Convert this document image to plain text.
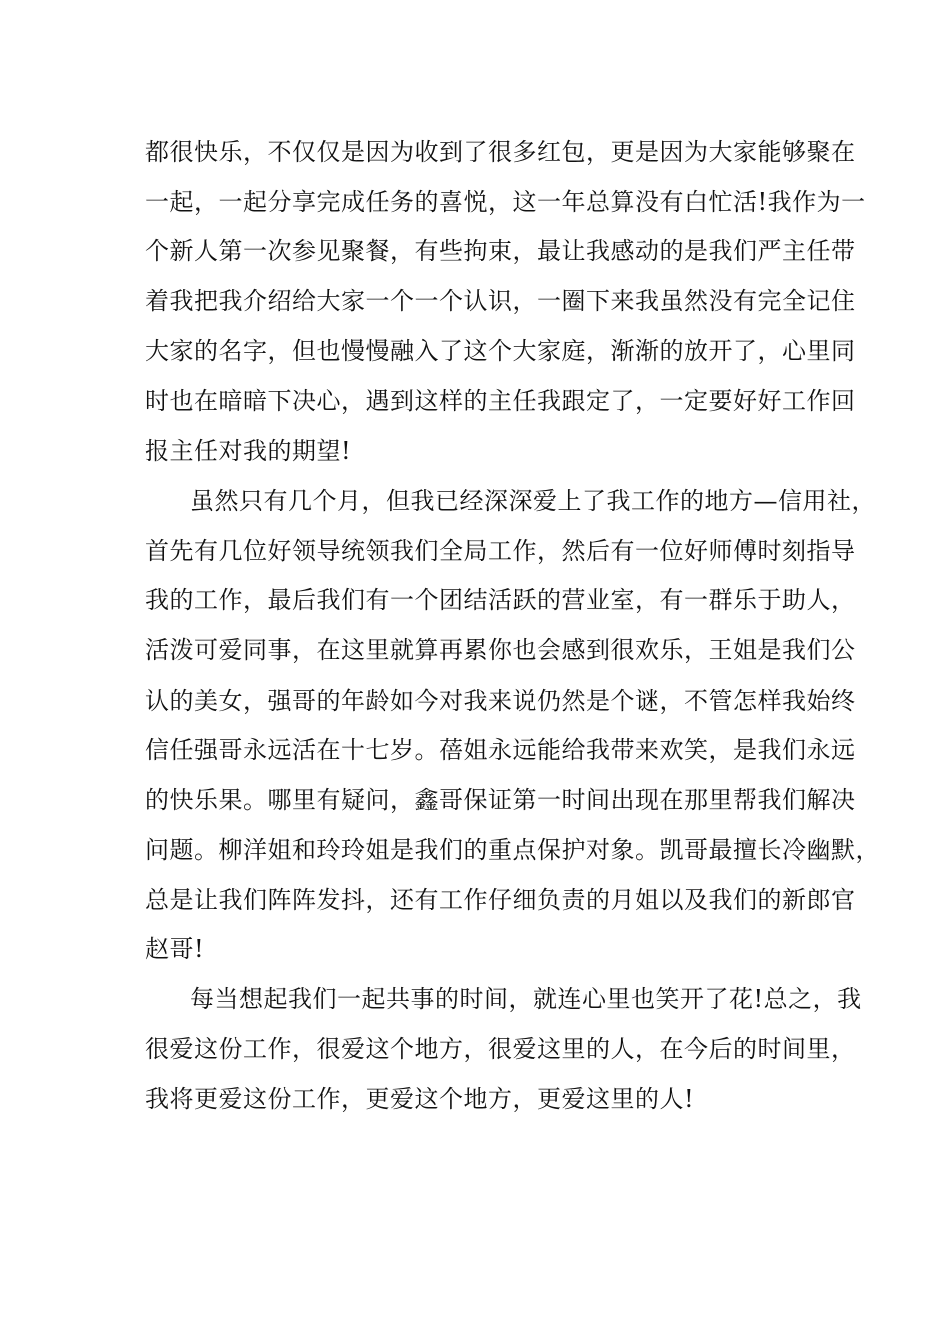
都很快乐，不仅仅是因为收到了很多红包，更是因为大家能够聚在
一起，一起分享完成任务的喜悦，这一年总算没有白忙活!我作为一
个新人第一次参见聚餐，有些拘束，最让我感动的是我们严主任带
着我把我介绍给大家一个一个认识，一圈下来我虽然没有完全记住
大家的名字，但也慢慢融入了这个大家庭，渐渐的放开了，心里同
时也在暗暗下决心，遇到这样的主任我跟定了，一定要好好工作回
报主任对我的期望!
虽然只有几个月，但我已经深深爱上了我工作的地方—信用社，
首先有几位好领导统领我们全局工作，然后有一位好师傅时刻指导
我的工作，最后我们有一个团结活跃的营业室，有一群乐于助人，
活泼可爱同事，在这里就算再累你也会感到很欢乐，王姐是我们公
认的美女，强哥的年龄如今对我来说仍然是个谜，不管怎样我始终
信任强哥永远活在十七岁。蓓姐永远能给我带来欢笑，是我们永远
的快乐果。哪里有疑问，鑫哥保证第一时间出现在那里帮我们解决
问题。柳洋姐和玲玲姐是我们的重点保护对象。凯哥最擅长冷幽默，
总是让我们阵阵发抖，还有工作仔细负责的月姐以及我们的新郎官
赵哥!
每当想起我们一起共事的时间，就连心里也笑开了花!总之，我
很爱这份工作，很爱这个地方，很爱这里的人，在今后的时间里，
我将更爱这份工作，更爱这个地方，更爱这里的人!
